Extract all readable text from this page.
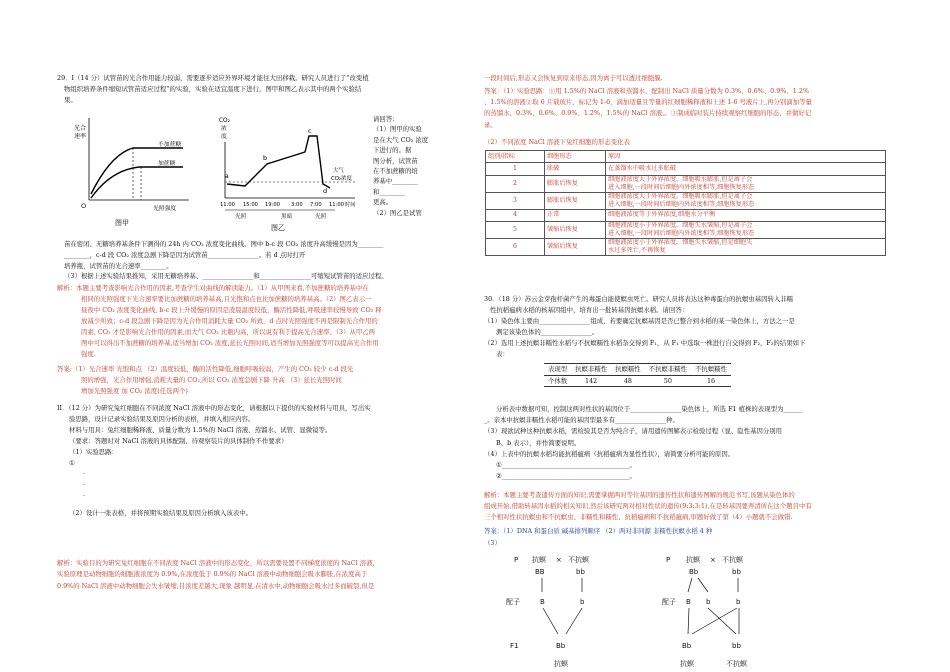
29．Ⅰ（14 分）试管苗的光合作用能力较弱，需要逐步适应外界环境才能往大田移栽。研究人员进行了“改变植
物组织培养条件缩短试管苗适应过程”的实验，实验在适宜温度下进行，图甲和图乙表示其中的两个实验结
果。
光合
速率
不加蔗糖
加蔗糖
O	光照强度
图甲
CO₂
浓
度
b
c
d
a
大气
CO₂浓度
11:00 15:00 19:00 3:00 7:00 11:00 时间
光照	黑暗	光照
图乙
请回答：
（1）图甲的实验
是在大气 CO₂ 浓度
下进行的。据
图分析，试管苗
在不加蔗糖的培
养基中________
和________
更高。
（2）图乙是试管
苗在密闭、无糖培养基条件下测得的 24h 内 CO₂ 浓度变化曲线。图中 b-c 段 CO₂ 浓度升高缓慢是因为________
________，c-d 段 CO₂ 浓度急剧下降是因为试管苗________________。若 d 点时打开
培养瓶，试管苗的光合速率________。
（3）根据上述实验结果推知，采用无糖培养基、________________和________________可缩短试管苗的适应过程。
解析：本题主要考查影响光合作用的因素,考查学生对曲线的解读能力。（1）从甲图来看,不加蔗糖的培养基中在
相同的光照强度下光合速率要比加蔗糖的培养基高,且光饱和点也比加蔗糖的培养基高。（2）图乙表示一
昼夜中 CO₂ 浓度变化曲线, b-c 段上升缓慢的原因是凌晨温度较低，酶活性降低,呼吸速率较慢导致 CO₂ 释
放减少所致；c-d 段急剧下降是因为光合作用消耗大量 CO₂ 所致，d 点时光照强度不再是限制光合作用的
因素, CO₂ 才是影响光合作用的因素,而大气 CO₂ 比瓶内高，所以说有利于提高光合速率。（3）从甲乙两
图中可以得出不加蔗糖的培养基,适当增加 CO₂ 浓度,延长光照时间,适当增加光照强度等可以提高光合作用
强度.
答案:（1）光合速率 光饱和点 （2）温度较低，酶的活性降低,细胞呼吸较弱，产生的 CO₂ 较少 c-d 段光
照的增强，光合作用增强,消耗大量的 CO₂,所以 CO₂ 浓度急剧下降 升高 （3）延长光照时间
增加光照强度 加 CO₂ 浓度(任选两个)
II．（12 分）为研究兔红细胞在不同浓度 NaCl 溶液中的形态变化，请根据以下提供的实验材料与用具，写出实
验思路，设计记录实验结果及原因分析的表格，并填入相应内容。
材料与用具：兔红细胞稀释液、质量分数为 1.5%的 NaCl 溶液、蒸馏水、试管、显微镜等。
（要求：答题时对 NaCl 溶液的具体配制、待观察装片的具体制作不作要求）
（1）实验思路：
①
·
·
·
（2）设计一张表格，并将预期实验结果及原因分析填入该表中。
解析：实验目的为研究兔红细胞在不同浓度 NaCl 溶液中的形态变化，所以需要设置不同梯度浓度的 NaCl 溶液,
实验原理是动物细胞的细胞液浓度为 0.9%,在浓度低于 0.9%的 NaCl 溶液中动物细胞会吸水膨胀,在浓度高于
0.9%的 NaCl 溶液中动物细胞会失水皱缩,目浓度差越大,现象 越明显,在清水中,动物细胞会吸水过多而破裂,但是
一段时间后,形态又会恢复到原来形态,因为离子可以透过细胞膜.
答案：（1）实验思路：①用 1.5%的 NaCl 溶液和蒸馏水，配制出 NaCl 质量分数为 0.3%、0.6%、0.9%、1.2%
、1.5%的溶液②取 6 片载玻片，标记为 1-6，滴加适量且等量的红细胞稀释液和上述 1-6 号液片上,再分别滴加等量
的蒸馏水、0.3%、0.6%、0.9%、1.2%、1.5%的 NaCl 溶液,。③制成临时装片持续观察红细胞的形态，并做好记
录。
（2）不同浓度 NaCl 溶液下兔红细胞的形态变化表
组别/指标	细胞形态	原因
1	胀破	在蒸馏水中吸水过多胀破
2	膨胀后恢复	细胞液浓度大于外界浓度，细胞吸水膨胀,但是离子会
进入细胞,一段时间后细胞内外浓度相等,细胞恢复形态

3	膨胀后恢复	细胞液浓度大于外界浓度，细胞吸水膨胀,但是离子会
进入细胞,一段时间后细胞内外浓度相等,细胞恢复形态

4	正常	细胞液浓度等于外界浓度,细胞水分平衡
5	皱缩后恢复	细胞液浓度小于外界浓度，细胞失水皱缩,但是离子会
进入细胞,一段时间后细胞内外浓度相等,细胞恢复形态

6	皱缩后恢复	细胞液浓度小于外界浓度，细胞失水皱缩,但是细胞失
水过多死亡,不再恢复
30．（18 分）苏云金芽孢杆菌产生的毒蛋白能使螟虫死亡。研究人员将表达这种毒蛋白的抗螟虫基因转入非糯
性抗稻瘟病水稻的核基因组中，培育出一批转基因抗螟水稻。请回答：
（1）染色体主要由________________组成，若要确定抗螟基因是否已整合到水稻的某一染色体上，方法之一是
测定该染色体的________________。
（2）选用上述抗螟非糯性水稻与不抗螟糯性水稻杂交得到 F₁，从 F₁ 中选取一株进行自交得到 F₂，F₂的结果如下
表：
表现型	抗螟非糯性	抗螟糯性	不抗螟非糯性	不抗螟糯性
个体数	142	48	50	16
分析表中数据可知，控制这两对性状的基因位于________________染色体上，所选 F1 植株的表现型为______
_。亲本中抗螟非糯性水稻可能的基因型最多有________________种。
（3）现欲试种这种抗螟水稻，需检验其是否为纯合子，请用遗传图解表示检验过程（显、隐性基因分别用
B、b 表示），并作简要说明。
（4）上表中的抗螟水稻均能抗稻瘟病（抗稻瘟病为显性性状），请简要分析可能的原因。
①________________________________________。
②________________________________________。
解析：本题主要考查遗传方面的知识,需要掌握两对等位基因的遗传性状和遗传图解的规范书写,该题从染色体的
组成开始,借助转基因水稻的相关知识,然后该研究两对相对性状的遗传(9:3:3:1),在是转基因要弄清所在这个题目中有
三个相对性状抗螟虫和不抗螟虫、非糯性和糯性、抗稻瘟病和不抗稻瘟病,审题好做了第（4）小题就不会做错.
答案：（1）DNA 和蛋白质 碱基排列顺序 （2）两对非同源 非糯性抗螟水稻 4 种
（3）
P 抗螟 × 不抗螟
BB	bb
配子	B	b
F1	Bb
抗螟
P 抗螟 × 不抗螟
Bb	bb
配子 B b	b
Bb	bb
抗螟	不抗螟
